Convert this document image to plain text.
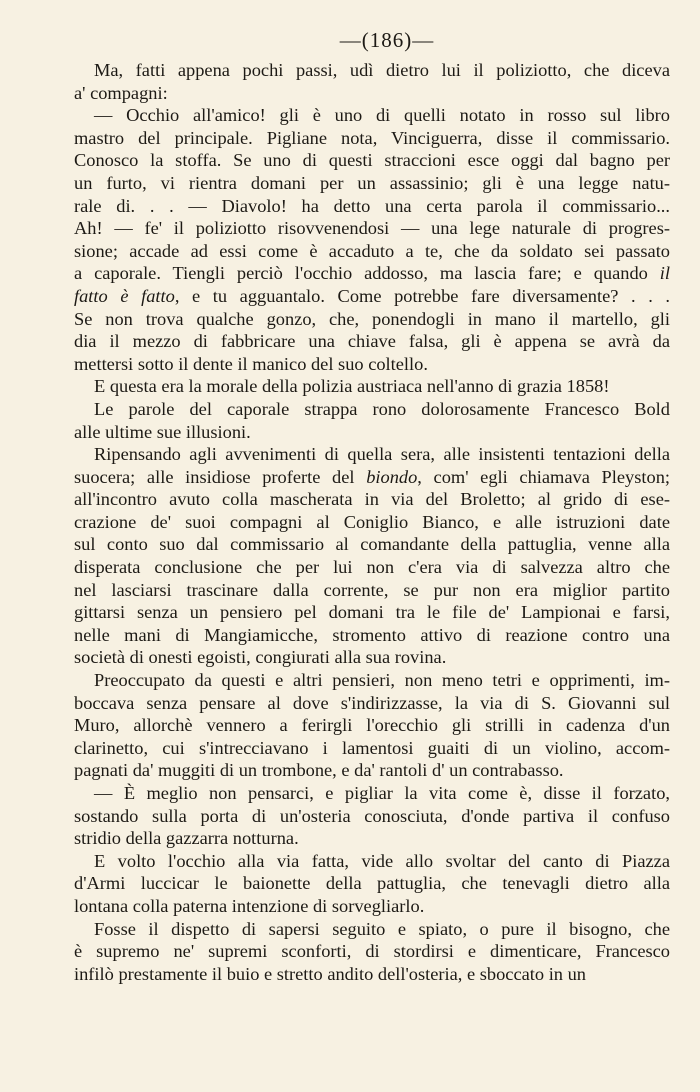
—(186)—

Ma, fatti appena pochi passi, udì dietro lui il poliziotto, che diceva
a' compagni:

— Occhio all'amico! gli è uno di quelli notato in rosso sul libro
mastro del principale. Pigliane nota, Vinciguerra, disse il commissario.
Conosco la stoffa. Se uno di questi straccioni esce oggi dal bagno per
un furto, vi rientra domani per un assassinio; gli è una legge natu-
rale di. . . — Diavolo! ha detto una certa parola il commissario...
Ah! — fe' il poliziotto risovvenendosi — una lege naturale di progres-
sione; accade ad essi come è accaduto a te, che da soldato sei passato
a caporale. Tiengli perciò l'occhio addosso, ma lascia fare; e quando il
fatto è fatto, e tu agguantalo. Come potrebbe fare diversamente? . . .
Se non trova qualche gonzo, che, ponendogli in mano il martello, gli
dia il mezzo di fabbricare una chiave falsa, gli è appena se avrà da
mettersi sotto il dente il manico del suo coltello.

E questa era la morale della polizia austriaca nell'anno di grazia 1858!

Le parole del caporale strappa rono dolorosamente Francesco Bold
alle ultime sue illusioni.

Ripensando agli avvenimenti di quella sera, alle insistenti tentazioni della
suocera; alle insidiose proferte del biondo, com' egli chiamava Pleyston;
all'incontro avuto colla mascherata in via del Broletto; al grido di ese-
crazione de' suoi compagni al Coniglio Bianco, e alle istruzioni date
sul conto suo dal commissario al comandante della pattuglia, venne alla
disperata conclusione che per lui non c'era via di salvezza altro che
nel lasciarsi trascinare dalla corrente, se pur non era miglior partito
gittarsi senza un pensiero pel domani tra le file de' Lampionai e farsi,
nelle mani di Mangiamicche, stromento attivo di reazione contro una
società di onesti egoisti, congiurati alla sua rovina.

Preoccupato da questi e altri pensieri, non meno tetri e opprimenti, im-
boccava senza pensare al dove s'indirizzasse, la via di S. Giovanni sul
Muro, allorchè vennero a ferirgli l'orecchio gli strilli in cadenza d'un
clarinetto, cui s'intrecciavano i lamentosi guaiti di un violino, accom-
pagnati da' muggiti di un trombone, e da' rantoli d' un contrabasso.

— È meglio non pensarci, e pigliar la vita come è, disse il forzato,
sostando sulla porta di un'osteria conosciuta, d'onde partiva il confuso
stridio della gazzarra notturna.

E volto l'occhio alla via fatta, vide allo svoltar del canto di Piazza
d'Armi luccicar le baionette della pattuglia, che tenevagli dietro alla
lontana colla paterna intenzione di sorvegliarlo.

Fosse il dispetto di sapersi seguito e spiato, o pure il bisogno, che
è supremo ne' supremi sconforti, di stordirsi e dimenticare, Francesco
infilò prestamente il buio e stretto andito dell'osteria, e sboccato in un
